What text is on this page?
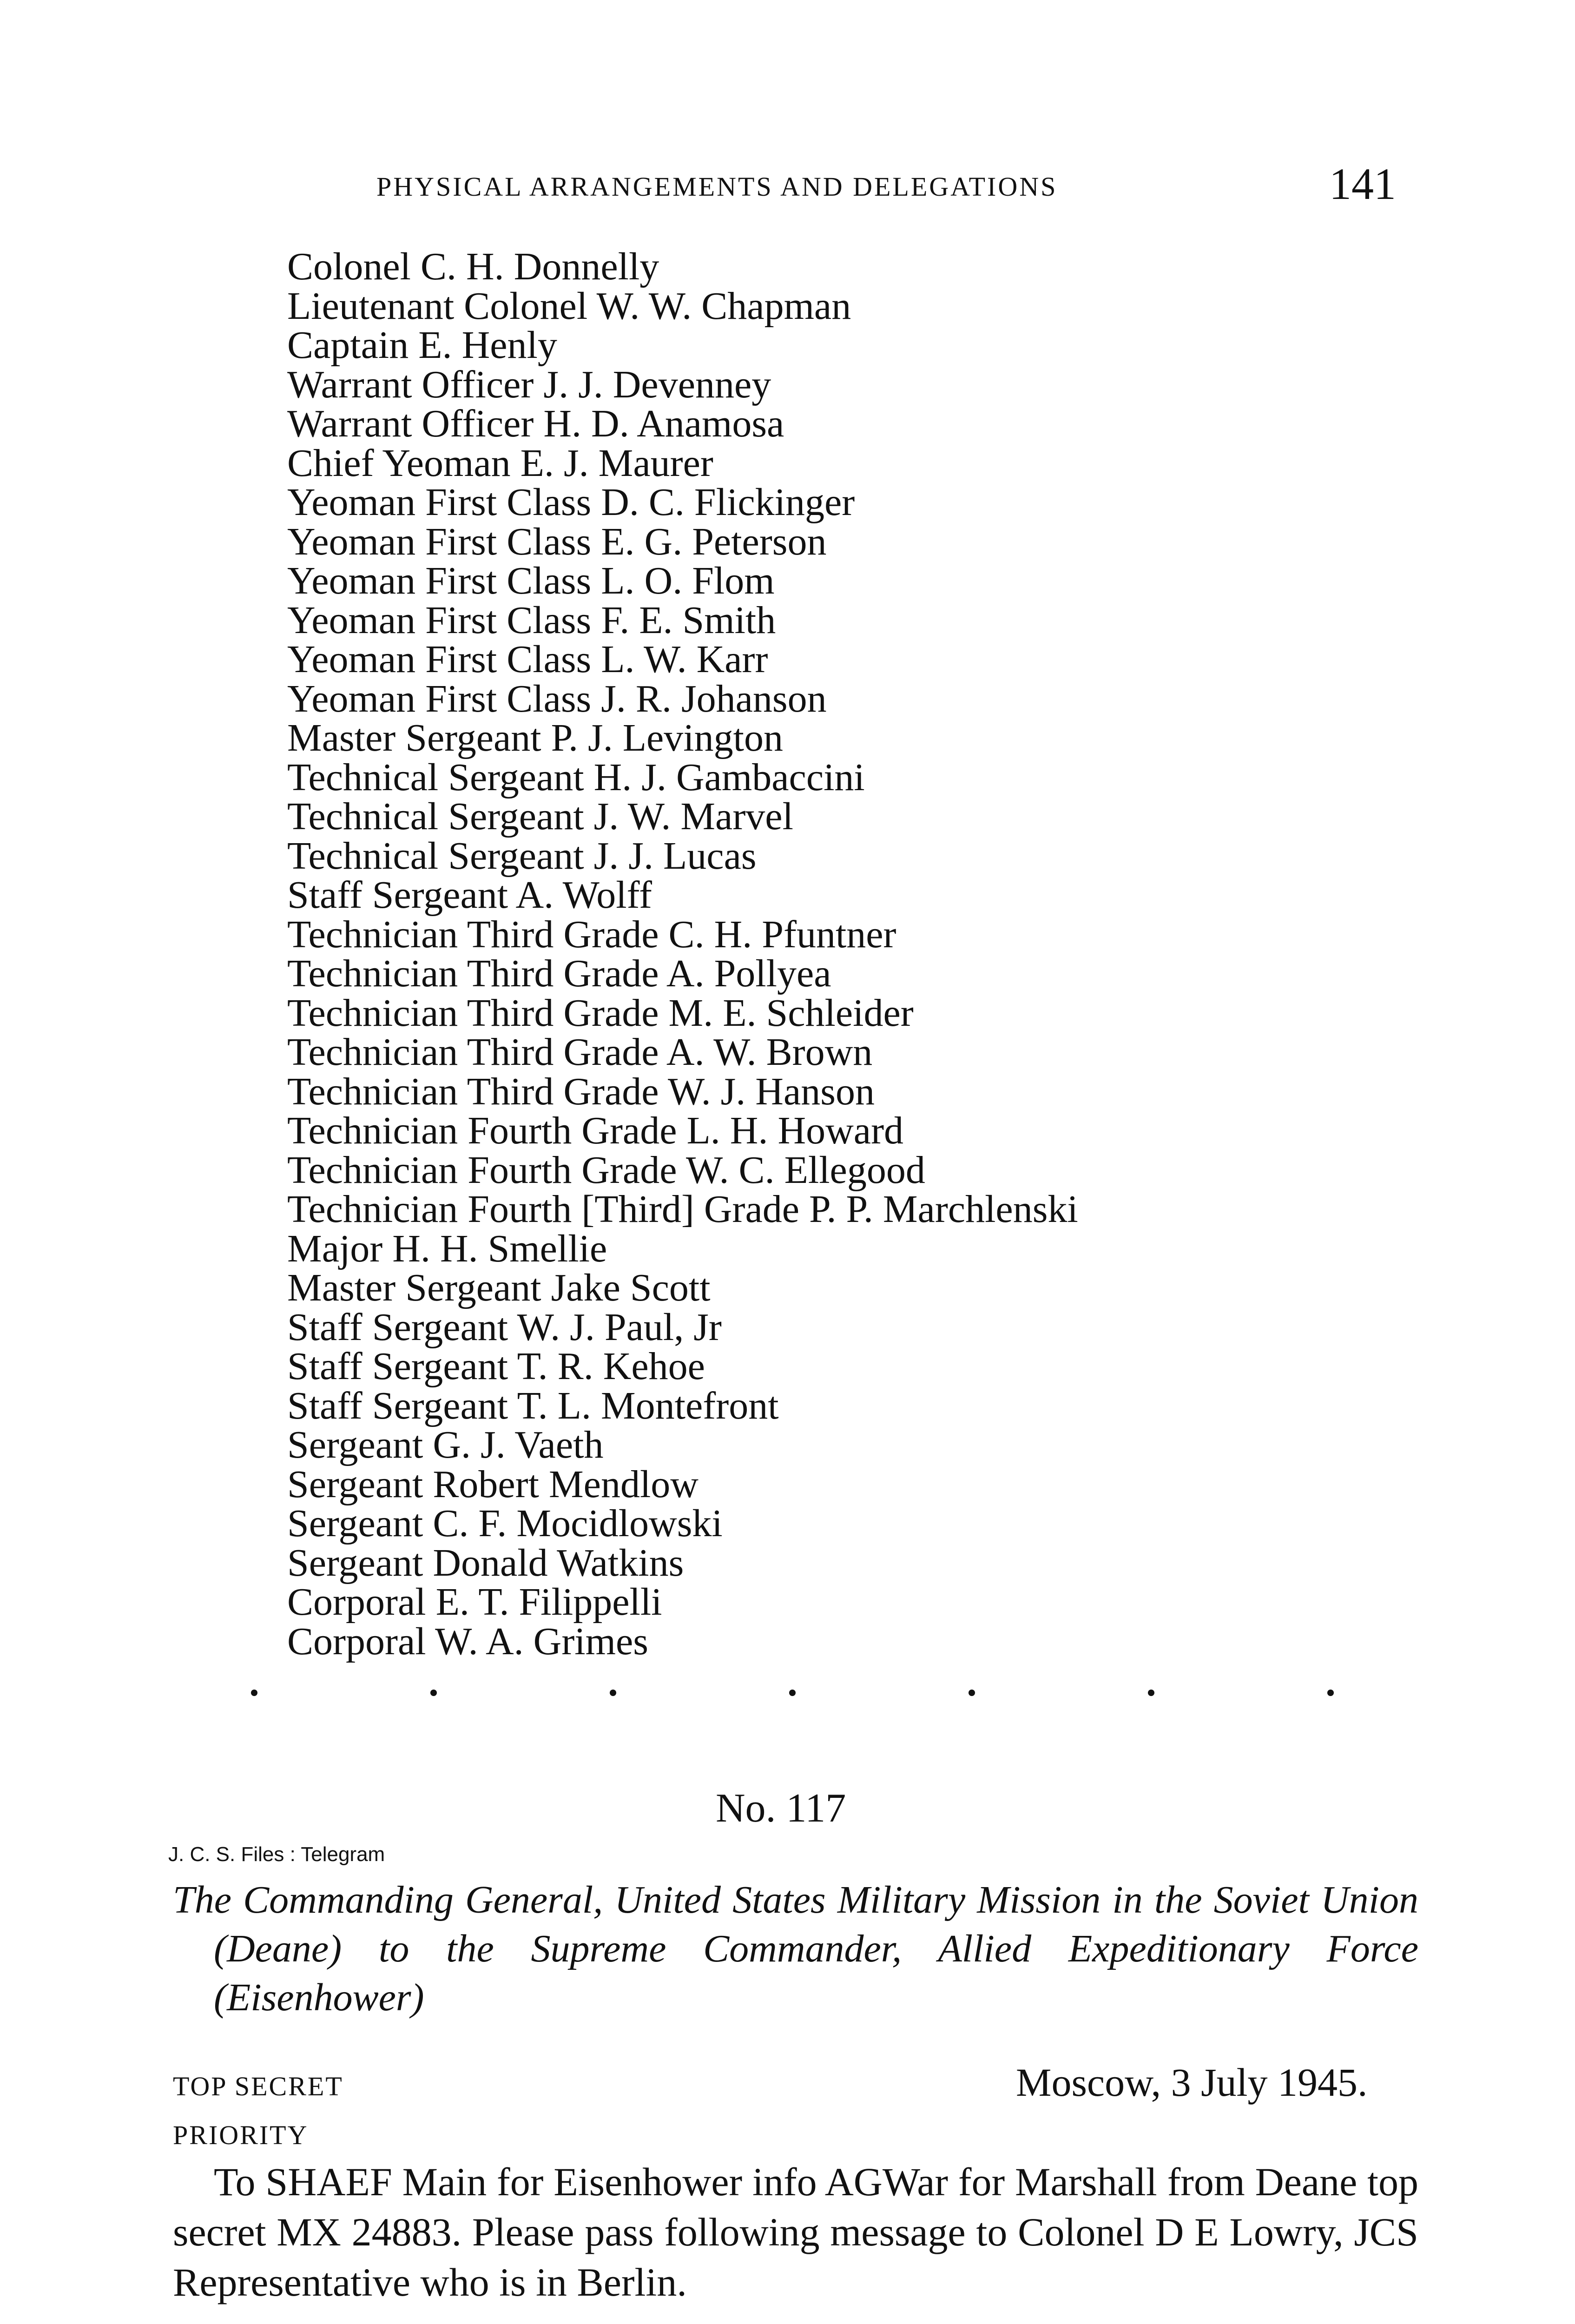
PHYSICAL ARRANGEMENTS AND DELEGATIONS	141
Colonel C. H. Donnelly
Lieutenant Colonel W. W. Chapman
Captain E. Henly
Warrant Officer J. J. Devenney
Warrant Officer H. D. Anamosa
Chief Yeoman E. J. Maurer
Yeoman First Class D. C. Flickinger
Yeoman First Class E. G. Peterson
Yeoman First Class L. O. Flom
Yeoman First Class F. E. Smith
Yeoman First Class L. W. Karr
Yeoman First Class J. R. Johanson
Master Sergeant P. J. Levington
Technical Sergeant H. J. Gambaccini
Technical Sergeant J. W. Marvel
Technical Sergeant J. J. Lucas
Staff Sergeant A. Wolff
Technician Third Grade C. H. Pfuntner
Technician Third Grade A. Pollyea
Technician Third Grade M. E. Schleider
Technician Third Grade A. W. Brown
Technician Third Grade W. J. Hanson
Technician Fourth Grade L. H. Howard
Technician Fourth Grade W. C. Ellegood
Technician Fourth [Third] Grade P. P. Marchlenski
Major H. H. Smellie
Master Sergeant Jake Scott
Staff Sergeant W. J. Paul, Jr
Staff Sergeant T. R. Kehoe
Staff Sergeant T. L. Montefront
Sergeant G. J. Vaeth
Sergeant Robert Mendlow
Sergeant C. F. Mocidlowski
Sergeant Donald Watkins
Corporal E. T. Filippelli
Corporal W. A. Grimes
No. 117
J. C. S. Files : Telegram
The Commanding General, United States Military Mission in the Soviet Union (Deane) to the Supreme Commander, Allied Expeditionary Force (Eisenhower)
TOP SECRET	Moscow, 3 July 1945.
PRIORITY
To SHAEF Main for Eisenhower info AGWar for Marshall from Deane top secret MX 24883. Please pass following message to Colonel D E Lowry, JCS Representative who is in Berlin.
